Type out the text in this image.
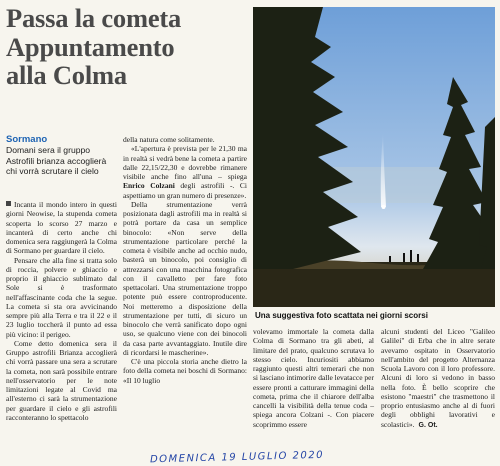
Passa la cometa
Appuntamento
alla Colma
Sormano
Domani sera il gruppo Astrofili brianza accoglierà chi vorrà scrutare il cielo

Incanta il mondo intero in questi giorni Neowise, la stupenda cometa scoperta lo scorso 27 marzo e incanterà di certo anche chi domenica sera raggiungerà la Colma di Sormano per guardare il cielo.

Pensare che alla fine si tratta solo di roccia, polvere e ghiaccio e proprio il ghiaccio sublimato dal Sole si è trasformato nell'affascinante coda che la segue. La cometa si sta ora avvicinando sempre più alla Terra e tra il 22 e il 23 luglio toccherà il punto ad essa più vicino: il perigeo.

Come detto domenica sera il Gruppo astrofili Brianza accoglierà chi vorrà passare una sera a scrutare la cometa, non sarà possibile entrare nell'osservatorio per le note limitazioni legate al Covid ma all'esterno ci sarà la strumentazione per guardare il cielo e gli astrofili racconteranno lo spettacolo

della natura come solitamente.

«L'apertura è prevista per le 21,30 ma in realtà si vedrà bene la cometa a partire dalle 22,15/22,30 e dovrebbe rimanere visibile anche fino all'una – spiega Enrico Colzani degli astrofili -. Ci aspettiamo un gran numero di presenze».

Della strumentazione verrà posizionata dagli astrofili ma in realtà si potrà portare da casa un semplice binocolo: «Non serve della strumentazione particolare perché la cometa è visibile anche ad occhio nudo, basterà un binocolo, poi consiglio di attrezzarsi con una macchina fotografica con il cavalletto per fare foto spettacolari. Una strumentazione troppo potente può essere controproducente. Noi metteremo a disposizione della strumentazione per tutti, di sicuro un binocolo che verrà sanificato dopo ogni uso, se qualcuno viene con dei binocoli da casa parte avvantaggiato. Inutile dire di ricordarsi le mascherine».

C'è una piccola storia anche dietro la foto della cometa nei boschi di Sormano: «Il 10 luglio

Una suggestiva foto scattata nei giorni scorsi

volevamo immortale la cometa dalla Colma di Sormano tra gli abeti, al limitare del prato, qualcuno scrutava lo stesso cielo. Incuriositi abbiamo raggiunto questi altri temerari che non si lasciano intimorire dalle levatacce per essere pronti a catturare immagini della cometa, prima che il chiarore dell'alba cancelli la visibilità della tenue coda – spiega ancora Colzani -. Con piacere scoprimmo essere

alcuni studenti del Liceo "Galileo Galilei" di Erba che in altre serate avevamo ospitato in Osservatorio nell'ambito del progetto Alternanza Scuola Lavoro con il loro professore. Alcuni di loro si vedono in basso nella foto. È bello scoprire che esistono "maestri" che trasmettono il proprio entusiasmo anche al di fuori degli obblighi lavorativi e scolastici». G. Ot.

DOMENICA 19 LUGLIO 2020
